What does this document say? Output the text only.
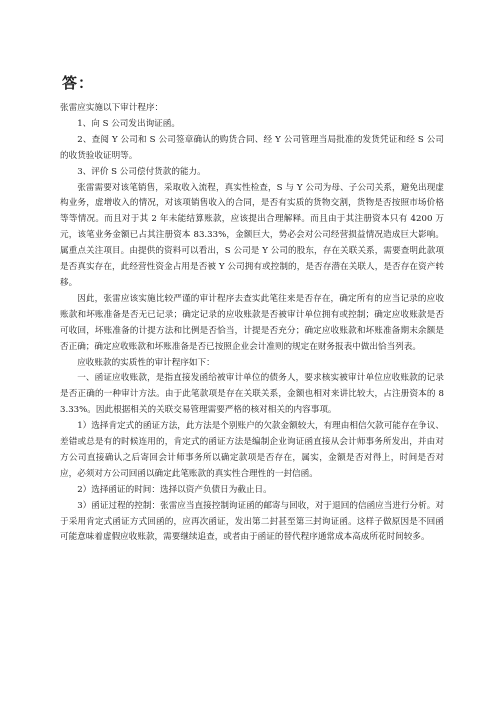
答：

张雷应实施以下审计程序：

1、向 S 公司发出询证函。

2、查阅 Y 公司和 S 公司签章确认的购货合同、经 Y 公司管理当局批准的发货凭证和经 S 公司的收货验收证明等。

3、评价 S 公司偿付货款的能力。

张雷需要对该笔销售，采取收入流程，真实性检查，S 与 Y 公司为母、子公司关系，避免出现虚构业务，虚增收入的情况，对该项销售收入的合同，是否有实质的货物交割，货物是否按照市场价格等等情况。而且对于其 2 年未能结算账款，应该提出合理解释。而且由于其注册资本只有 4200 万元，该笔业务金额已占其注册资本 83.33%，金额巨大，势必会对公司经营损益情况造成巨大影响。属重点关注项目。由提供的资料可以看出，S 公司是 Y 公司的股东，存在关联关系，需要查明此款项是否真实存在，此经营性资金占用是否被 Y 公司拥有或控制的，是否存潜在关联人，是否存在资产转移。

因此，张雷应该实施比较严谨的审计程序去查实此笔往来是否存在，确定所有的应当记录的应收账款和坏账准备是否无已记录；确定记录的应收账款是否被审计单位拥有或控制；确定应收账款是否可收回，坏账准备的计提方法和比例是否恰当，计提是否充分；确定应收账款和坏账准备期末余额是否正确；确定应收账款和坏账准备是否已按照企业会计准则的规定在财务报表中做出恰当列表。

应收账款的实质性的审计程序如下：

一、函证应收账款，是指直接发函给被审计单位的债务人，要求核实被审计单位应收账款的记录是否正确的一种审计方法。由于此笔款项是存在关联关系，金额也相对来讲比较大，占注册资本的 83.33%。因此根据相关的关联交易管理需要严格的核对相关的内容事项。

1）选择肯定式的函证方法，此方法是个别账户的欠款金额较大，有理由相信欠款可能存在争议、差错或总是有的时候连用的，肯定式的函证方法是编制企业询证函直接从会计师事务所发出，并由对方公司直接确认之后寄回会计师事务所以确定款项是否存在，属实，金额是否对得上，时间是否对应，必须对方公司回函以确定此笔账款的真实性合理性的一封信函。

2）选择函证的时间：选择以资产负债日为截止日。

3）函证过程的控制：张雷应当直接控制询证函的邮寄与回收，对于退回的信函应当进行分析。对于采用肯定式函证方式回函的，应再次函证，发出第二封甚至第三封询证函。这样子做原因是不回函可能意味着虚假应收账款，需要继续追查，或者由于函证的替代程序通常成本高成所花时间较多。
